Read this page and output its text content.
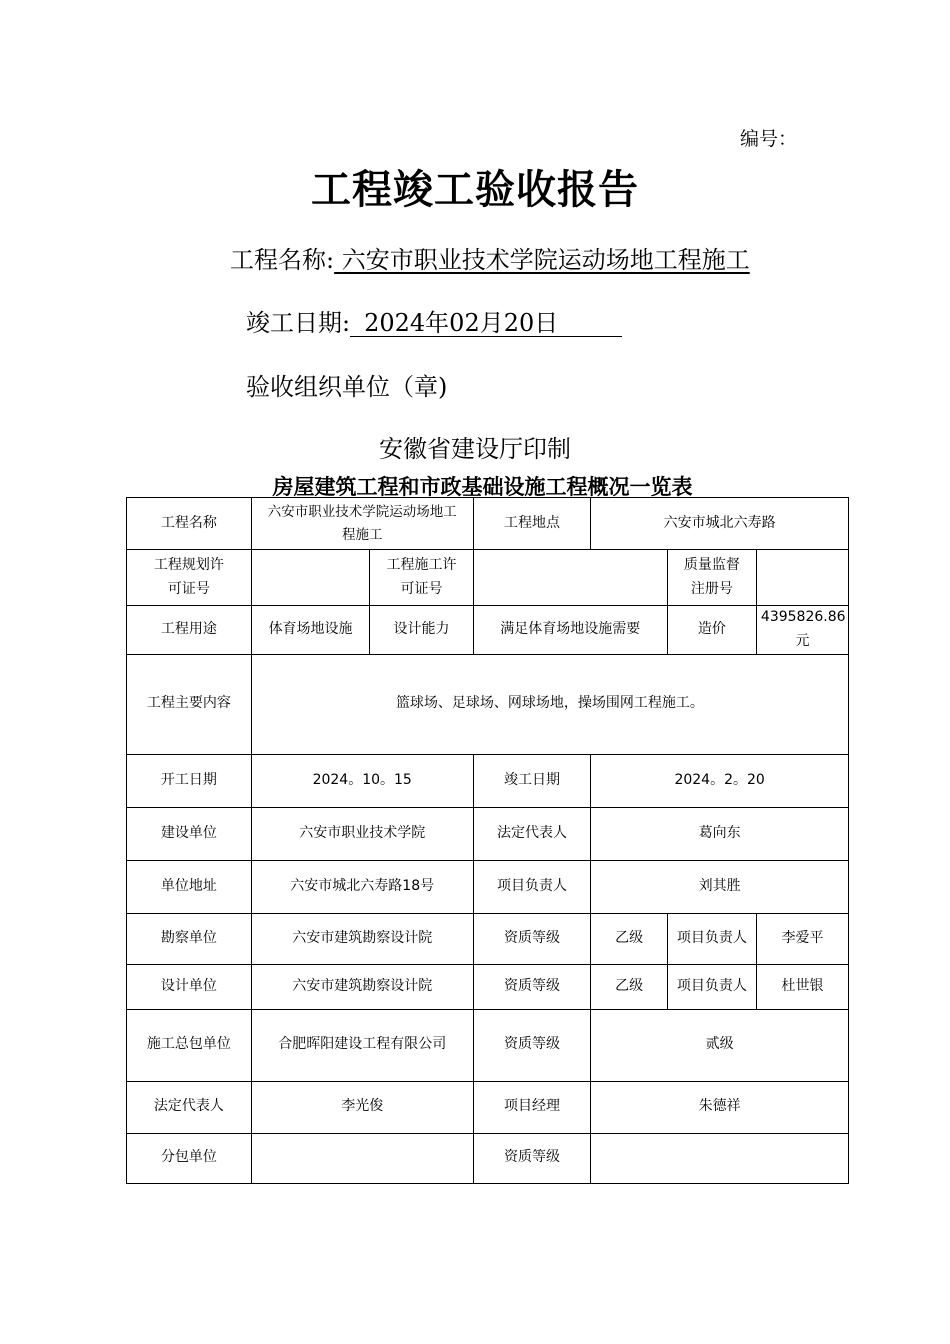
编号：
工程竣工验收报告
工程名称: 六安市职业技术学院运动场地工程施工
竣工日期: 2024年02月20日
验收组织单位（章)
安徽省建设厅印制
房屋建筑工程和市政基础设施工程概况一览表
工程名称	六安市职业技术学院运动场地工程施工		工程地点	六安市城北六寿路		
工程规划许可证号		工程施工许可证号			质量监督注册号	
工程用途	体育场地设施	设计能力	满足体育场地设施需要		造价	4395826.86元
工程主要内容	篮球场、足球场、网球场地，操场围网工程施工。					
开工日期	2024。10。15		竣工日期	2024。2。20		
建设单位	六安市职业技术学院		法定代表人	葛向东		
单位地址	六安市城北六寿路18号		项目负责人	刘其胜		
勘察单位	六安市建筑勘察设计院		资质等级	乙级	项目负责人	李爱平
设计单位	六安市建筑勘察设计院		资质等级	乙级	项目负责人	杜世银
施工总包单位	合肥晖阳建设工程有限公司		资质等级	贰级		
法定代表人	李光俊		项目经理	朱德祥		
分包单位			资质等级			
